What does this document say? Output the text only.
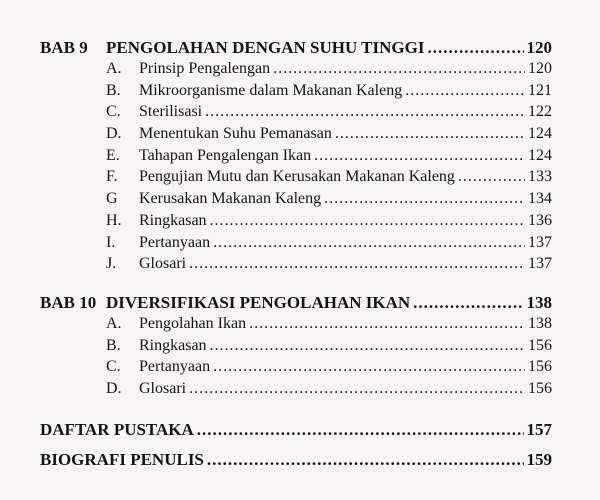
BAB 9	PENGOLAHAN DENGAN SUHU TINGGI .....	120
A.	Prinsip Pengalengan .....	120
B.	Mikroorganisme dalam Makanan Kaleng .....	121
C.	Sterilisasi .....	122
D.	Menentukan Suhu Pemanasan .....	124
E.	Tahapan Pengalengan Ikan .....	124
F.	Pengujian Mutu dan Kerusakan Makanan Kaleng .....	133
G	Kerusakan Makanan Kaleng .....	134
H.	Ringkasan .....	136
I.	Pertanyaan .....	137
J.	Glosari .....	137
BAB 10 DIVERSIFIKASI PENGOLAHAN IKAN .....	138
A.	Pengolahan Ikan .....	138
B.	Ringkasan .....	156
C.	Pertanyaan .....	156
D.	Glosari .....	156
DAFTAR PUSTAKA .....	157
BIOGRAFI PENULIS .....	159
